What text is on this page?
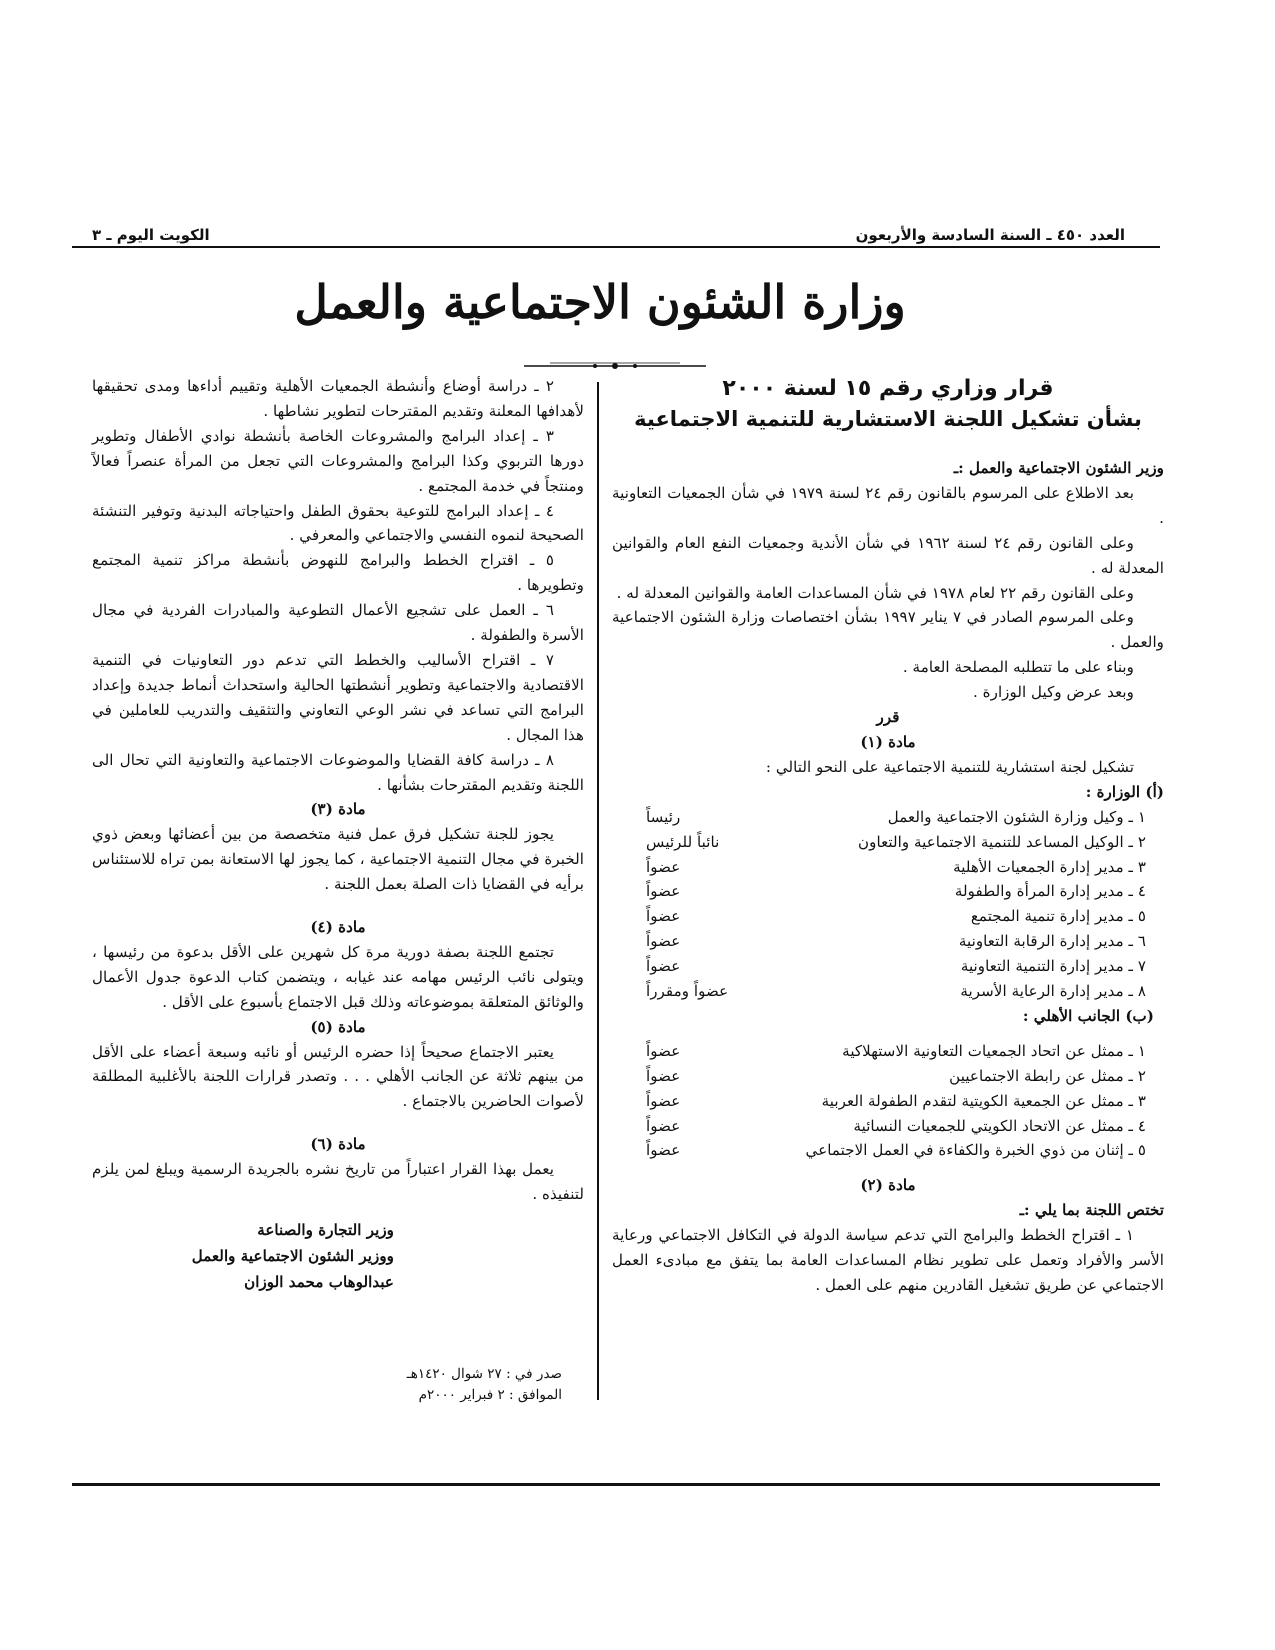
العدد ٤٥٠ ـ السنة السادسة والأربعون
الكويت اليوم ـ ٣
وزارة الشئون الاجتماعية والعمل
قرار وزاري رقم ١٥ لسنة ٢٠٠٠
بشأن تشكيل اللجنة الاستشارية للتنمية الاجتماعية

وزير الشئون الاجتماعية والعمل :ـ

بعد الاطلاع على المرسوم بالقانون رقم ٢٤ لسنة ١٩٧٩ في شأن الجمعيات التعاونية .

وعلى القانون رقم ٢٤ لسنة ١٩٦٢ في شأن الأندية وجمعيات النفع العام والقوانين المعدلة له .

وعلى القانون رقم ٢٢ لعام ١٩٧٨ في شأن المساعدات العامة والقوانين المعدلة له .

وعلى المرسوم الصادر في ٧ يناير ١٩٩٧ بشأن اختصاصات وزارة الشئون الاجتماعية والعمل .

وبناء على ما تتطلبه المصلحة العامة .

وبعد عرض وكيل الوزارة .

قرر

مادة (١)

تشكيل لجنة استشارية للتنمية الاجتماعية على النحو التالي :

(أ) الوزارة :

١ ـ وكيل وزارة الشئون الاجتماعية والعمل
رئيساً
٢ ـ الوكيل المساعد للتنمية الاجتماعية والتعاون
نائباً للرئيس
٣ ـ مدير إدارة الجمعيات الأهلية
عضواً
٤ ـ مدير إدارة المرأة والطفولة
عضواً
٥ ـ مدير إدارة تنمية المجتمع
عضواً
٦ ـ مدير إدارة الرقابة التعاونية
عضواً
٧ ـ مدير إدارة التنمية التعاونية
عضواً
٨ ـ مدير إدارة الرعاية الأسرية
عضواً ومقرراً

(ب) الجانب الأهلي :

١ ـ ممثل عن اتحاد الجمعيات التعاونية الاستهلاكية
عضواً
٢ ـ ممثل عن رابطة الاجتماعيين
عضواً
٣ ـ ممثل عن الجمعية الكويتية لتقدم الطفولة العربية
عضواً
٤ ـ ممثل عن الاتحاد الكويتي للجمعيات النسائية
عضواً
٥ ـ إثنان من ذوي الخبرة والكفاءة في العمل الاجتماعي
عضواً

مادة (٢)

تختص اللجنة بما يلي :ـ

١ ـ اقتراح الخطط والبرامج التي تدعم سياسة الدولة في التكافل الاجتماعي ورعاية الأسر والأفراد وتعمل على تطوير نظام المساعدات العامة بما يتفق مع مبادىء العمل الاجتماعي عن طريق تشغيل القادرين منهم على العمل .

٢ ـ دراسة أوضاع وأنشطة الجمعيات الأهلية وتقييم أداءها ومدى تحقيقها لأهدافها المعلنة وتقديم المقترحات لتطوير نشاطها .

٣ ـ إعداد البرامج والمشروعات الخاصة بأنشطة نوادي الأطفال وتطوير دورها التربوي وكذا البرامج والمشروعات التي تجعل من المرأة عنصراً فعالاً ومنتجاً في خدمة المجتمع .

٤ ـ إعداد البرامج للتوعية بحقوق الطفل واحتياجاته البدنية وتوفير التنشئة الصحيحة لنموه النفسي والاجتماعي والمعرفي .

٥ ـ اقتراح الخطط والبرامج للنهوض بأنشطة مراكز تنمية المجتمع وتطويرها .

٦ ـ العمل على تشجيع الأعمال التطوعية والمبادرات الفردية في مجال الأسرة والطفولة .

٧ ـ اقتراح الأساليب والخطط التي تدعم دور التعاونيات في التنمية الاقتصادية والاجتماعية وتطوير أنشطتها الحالية واستحداث أنماط جديدة وإعداد البرامج التي تساعد في نشر الوعي التعاوني والتثقيف والتدريب للعاملين في هذا المجال .

٨ ـ دراسة كافة القضايا والموضوعات الاجتماعية والتعاونية التي تحال الى اللجنة وتقديم المقترحات بشأنها .

مادة (٣)

يجوز للجنة تشكيل فرق عمل فنية متخصصة من بين أعضائها وبعض ذوي الخبرة في مجال التنمية الاجتماعية ، كما يجوز لها الاستعانة بمن تراه للاستئناس برأيه في القضايا ذات الصلة بعمل اللجنة .

مادة (٤)

تجتمع اللجنة بصفة دورية مرة كل شهرين على الأقل بدعوة من رئيسها ، ويتولى نائب الرئيس مهامه عند غيابه ، ويتضمن كتاب الدعوة جدول الأعمال والوثائق المتعلقة بموضوعاته وذلك قبل الاجتماع بأسبوع على الأقل .

مادة (٥)

يعتبر الاجتماع صحيحاً إذا حضره الرئيس أو نائبه وسبعة أعضاء على الأقل من بينهم ثلاثة عن الجانب الأهلي . . . وتصدر قرارات اللجنة بالأغلبية المطلقة لأصوات الحاضرين بالاجتماع .

مادة (٦)

يعمل بهذا القرار اعتباراً من تاريخ نشره بالجريدة الرسمية ويبلغ لمن يلزم لتنفيذه .

وزير التجارة والصناعة
ووزير الشئون الاجتماعية والعمل
عبدالوهاب محمد الوزان
صدر في : ٢٧ شوال ١٤٢٠هـ
الموافق : ٢ فبراير ٢٠٠٠م
